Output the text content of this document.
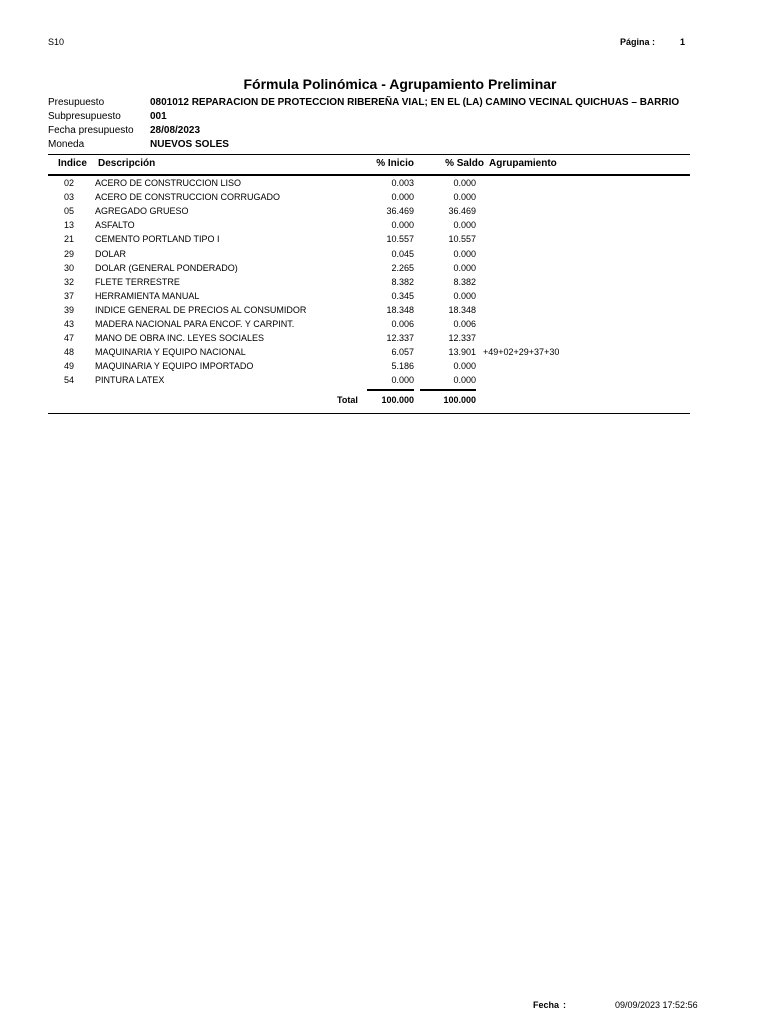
S10	Página :	1
Fórmula Polinómica - Agrupamiento Preliminar
Presupuesto	0801012 REPARACION DE PROTECCION RIBEREÑA VIAL; EN EL (LA) CAMINO VECINAL QUICHUAS – BARRIO
Subpresupuesto	001
Fecha presupuesto 28/08/2023
Moneda	NUEVOS SOLES
Indice Descripción	% Inicio	% Saldo Agrupamiento
02	ACERO DE CONSTRUCCION LISO	0.003	0.000
03	ACERO DE CONSTRUCCION CORRUGADO	0.000	0.000
05	AGREGADO GRUESO	36.469	36.469
13	ASFALTO	0.000	0.000
21	CEMENTO PORTLAND TIPO I	10.557	10.557
29	DOLAR	0.045	0.000
30	DOLAR (GENERAL PONDERADO)	2.265	0.000
32	FLETE TERRESTRE	8.382	8.382
37	HERRAMIENTA MANUAL	0.345	0.000
39	INDICE GENERAL DE PRECIOS AL CONSUMIDOR	18.348	18.348
43	MADERA NACIONAL PARA ENCOF. Y CARPINT.	0.006	0.006
47	MANO DE OBRA INC. LEYES SOCIALES	12.337	12.337
48	MAQUINARIA Y EQUIPO NACIONAL	6.057	13.901 +49+02+29+37+30
49	MAQUINARIA Y EQUIPO IMPORTADO	5.186	0.000
54	PINTURA LATEX	0.000	0.000
Total	100.000	100.000
Fecha :	09/09/2023 17:52:56
